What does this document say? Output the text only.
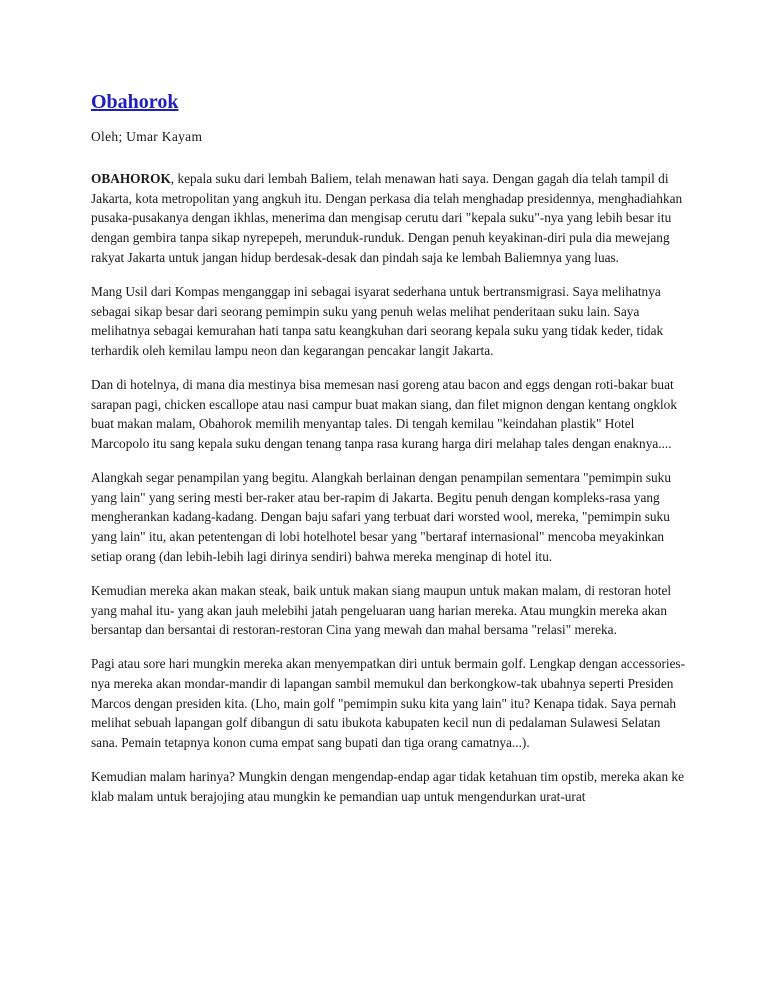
Obahorok

Oleh; Umar Kayam

OBAHOROK, kepala suku dari lembah Baliem, telah menawan hati saya. Dengan gagah dia telah tampil di Jakarta, kota metropolitan yang angkuh itu. Dengan perkasa dia telah menghadap presidennya, menghadiahkan pusaka-pusakanya dengan ikhlas, menerima dan mengisap cerutu dari "kepala suku"-nya yang lebih besar itu dengan gembira tanpa sikap nyrepepeh, merunduk-runduk. Dengan penuh keyakinan-diri pula dia mewejang rakyat Jakarta untuk jangan hidup berdesak-desak dan pindah saja ke lembah Baliemnya yang luas.

Mang Usil dari Kompas menganggap ini sebagai isyarat sederhana untuk bertransmigrasi. Saya melihatnya sebagai sikap besar dari seorang pemimpin suku yang penuh welas melihat penderitaan suku lain. Saya melihatnya sebagai kemurahan hati tanpa satu keangkuhan dari seorang kepala suku yang tidak keder, tidak terhardik oleh kemilau lampu neon dan kegarangan pencakar langit Jakarta.

Dan di hotelnya, di mana dia mestinya bisa memesan nasi goreng atau bacon and eggs dengan roti-bakar buat sarapan pagi, chicken escallope atau nasi campur buat makan siang, dan filet mignon dengan kentang ongklok buat makan malam, Obahorok memilih menyantap tales. Di tengah kemilau "keindahan plastik" Hotel Marcopolo itu sang kepala suku dengan tenang tanpa rasa kurang harga diri melahap tales dengan enaknya....

Alangkah segar penampilan yang begitu. Alangkah berlainan dengan penampilan sementara "pemimpin suku yang lain" yang sering mesti ber-raker atau ber-rapim di Jakarta. Begitu penuh dengan kompleks-rasa yang mengherankan kadang-kadang. Dengan baju safari yang terbuat dari worsted wool, mereka, "pemimpin suku yang lain" itu, akan petentengan di lobi hotelhotel besar yang "bertaraf internasional" mencoba meyakinkan setiap orang (dan lebih-lebih lagi dirinya sendiri) bahwa mereka menginap di hotel itu.

Kemudian mereka akan makan steak, baik untuk makan siang maupun untuk makan malam, di restoran hotel yang mahal itu- yang akan jauh melebihi jatah pengeluaran uang harian mereka. Atau mungkin mereka akan bersantap dan bersantai di restoran-restoran Cina yang mewah dan mahal bersama "relasi" mereka.

Pagi atau sore hari mungkin mereka akan menyempatkan diri untuk bermain golf. Lengkap dengan accessories-nya mereka akan mondar-mandir di lapangan sambil memukul dan berkongkow-tak ubahnya seperti Presiden Marcos dengan presiden kita. (Lho, main golf "pemimpin suku kita yang lain" itu? Kenapa tidak. Saya pernah melihat sebuah lapangan golf dibangun di satu ibukota kabupaten kecil nun di pedalaman Sulawesi Selatan sana. Pemain tetapnya konon cuma empat sang bupati dan tiga orang camatnya...).

Kemudian malam harinya? Mungkin dengan mengendap-endap agar tidak ketahuan tim opstib, mereka akan ke klab malam untuk berajojing atau mungkin ke pemandian uap untuk mengendurkan urat-urat
